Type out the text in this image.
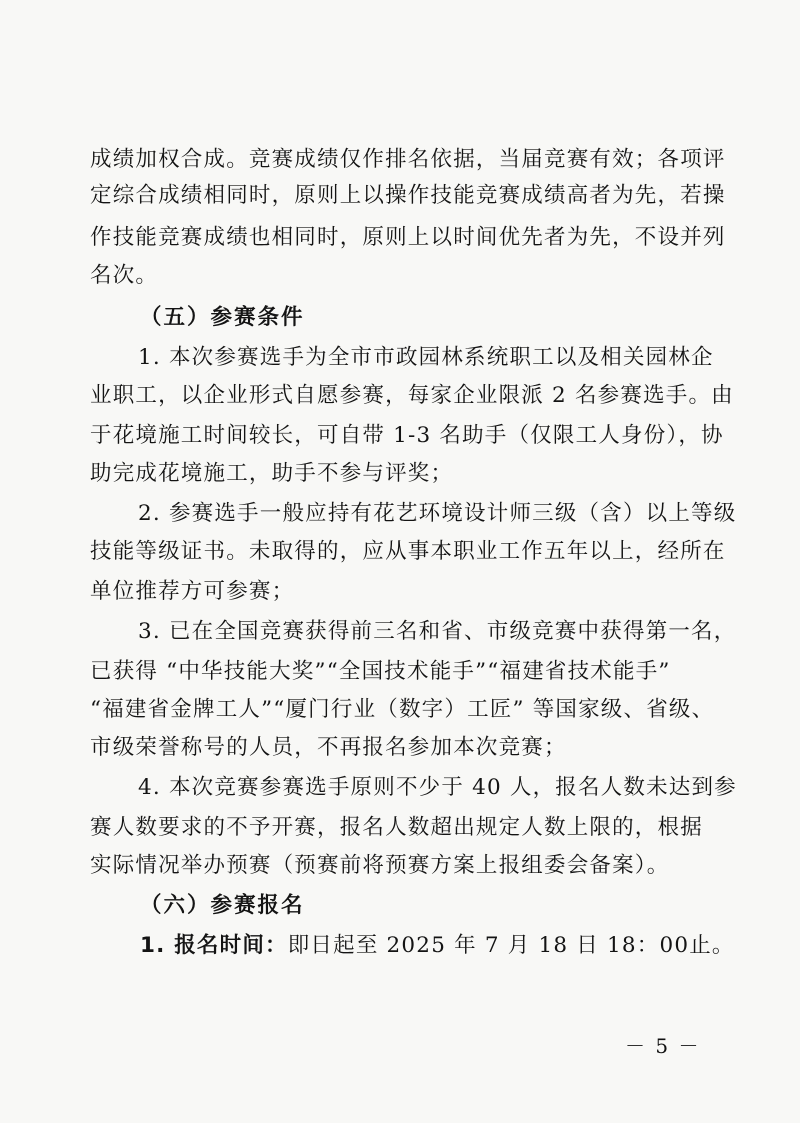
成绩加权合成。竞赛成绩仅作排名依据，当届竞赛有效；各项评
定综合成绩相同时，原则上以操作技能竞赛成绩高者为先，若操
作技能竞赛成绩也相同时，原则上以时间优先者为先，不设并列
名次。
（五）参赛条件
1. 本次参赛选手为全市市政园林系统职工以及相关园林企
业职工，以企业形式自愿参赛，每家企业限派 2 名参赛选手。由
于花境施工时间较长，可自带 1-3 名助手（仅限工人身份），协
助完成花境施工，助手不参与评奖；
2. 参赛选手一般应持有花艺环境设计师三级（含）以上等级
技能等级证书。未取得的，应从事本职业工作五年以上，经所在
单位推荐方可参赛；
3. 已在全国竞赛获得前三名和省、市级竞赛中获得第一名，
已获得 “中华技能大奖”“全国技术能手”“福建省技术能手”
“福建省金牌工人”“厦门行业（数字）工匠” 等国家级、省级、
市级荣誉称号的人员，不再报名参加本次竞赛；
4. 本次竞赛参赛选手原则不少于 40 人，报名人数未达到参
赛人数要求的不予开赛，报名人数超出规定人数上限的，根据
实际情况举办预赛（预赛前将预赛方案上报组委会备案）。
（六）参赛报名
1. 报名时间：即日起至 2025 年 7 月 18 日 18：00止。
－ 5 －
